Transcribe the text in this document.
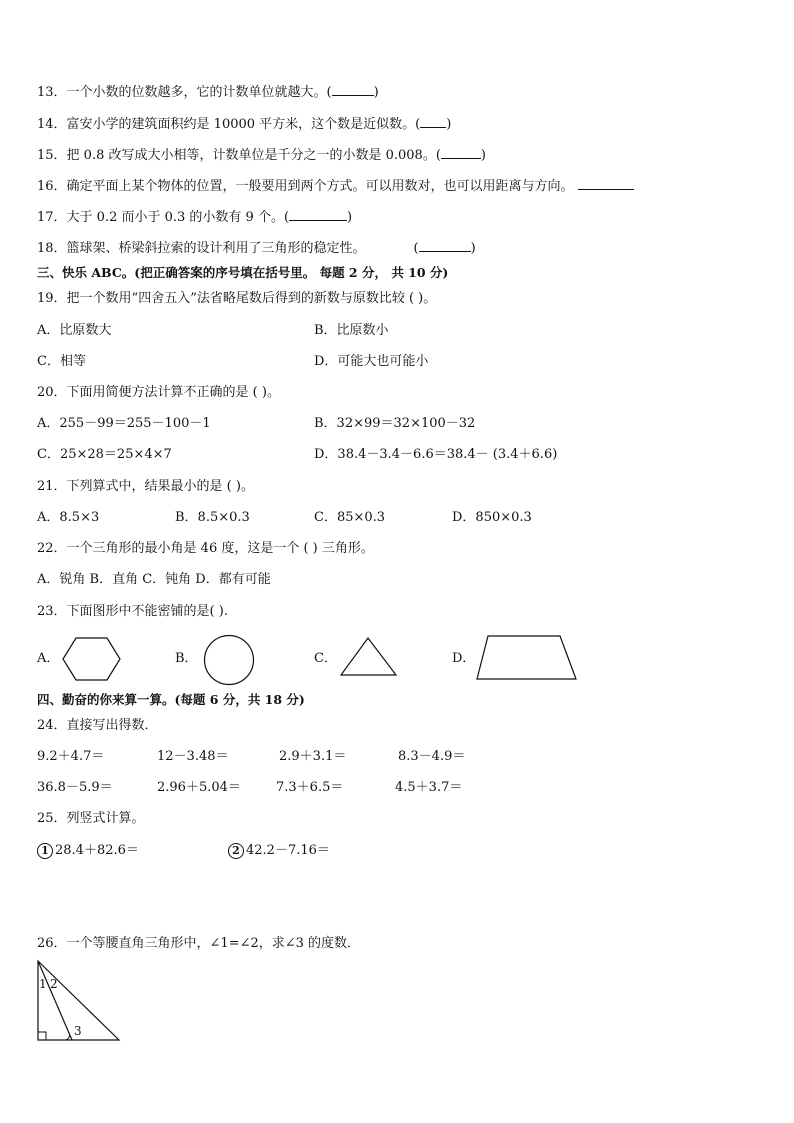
13．一个小数的位数越多，它的计数单位就越大。(	)
14．富安小学的建筑面积约是 10000 平方米，这个数是近似数。( )
15．把 0.8 改写成大小相等，计数单位是千分之一的小数是 0.008。(	)
16．确定平面上某个物体的位置，一般要用到两个方式。可以用数对，也可以用距离与方向。
17．大于 0.2 而小于 0.3 的小数有 9 个。(	)
18．篮球架、桥梁斜拉索的设计利用了三角形的稳定性。	(	)
三、快乐 ABC。(把正确答案的序号填在括号里。 每题 2 分， 共 10 分)
19．把一个数用“四舍五入”法省略尾数后得到的新数与原数比较 ( )。
A．比原数大	B．比原数小
C．相等	D．可能大也可能小
20．下面用简便方法计算不正确的是 ( )。
A．255－99＝255－100－1	B．32×99＝32×100－32
C．25×28＝25×4×7	D．38.4－3.4－6.6＝38.4－ (3.4＋6.6)
21．下列算式中，结果最小的是 ( )。
A．8.5×3	B．8.5×0.3	C．85×0.3	D．850×0.3
22．一个三角形的最小角是 46 度，这是一个 ( ) 三角形。
A．锐角 B．直角 C．钝角 D．都有可能
23．下面图形中不能密铺的是( ).
A．	B．	C．	D．
四、勤奋的你来算一算。(每题 6 分，共 18 分)
24．直接写出得数．
9.2＋4.7＝	12－3.48＝	2.9＋3.1＝	8.3－4.9＝
36.8－5.9＝	2.96＋5.04＝	7.3＋6.5＝	4.5＋3.7＝
25．列竖式计算。
1 28.4＋82.6＝	2 42.2－7.16＝
26．一个等腰直角三角形中，∠1=∠2，求∠3 的度数．
1 2
3
